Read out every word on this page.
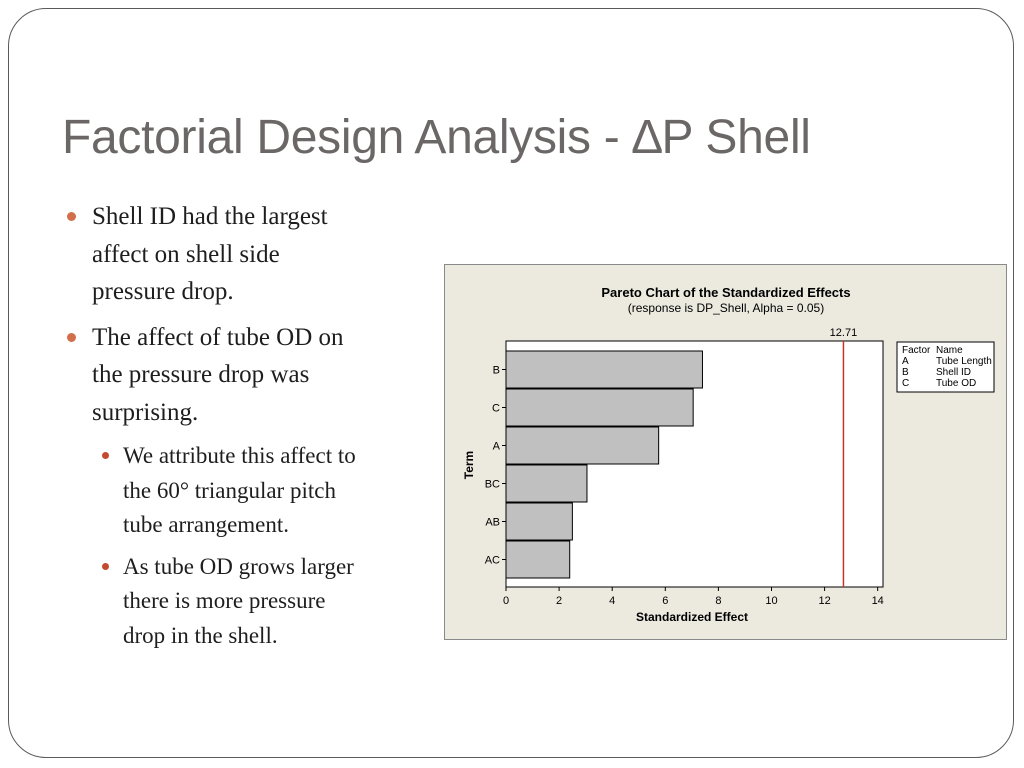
Factorial Design Analysis - ∆P Shell
Shell ID had the largest
affect on shell side
pressure drop.
The affect of tube OD on
the pressure drop was
surprising.
We attribute this affect to
the 60° triangular pitch
tube arrangement.
As tube OD grows larger
there is more pressure
drop in the shell.
Pareto Chart of the Standardized Effects
(response is DP_Shell, Alpha = 0.05)
12.71
B
C
A
BC
AB
AC
0	2	4	6	8	10	12	14
Standardized Effect
Term
Factor Name
A	Tube Length
B	Shell ID
C	Tube OD
